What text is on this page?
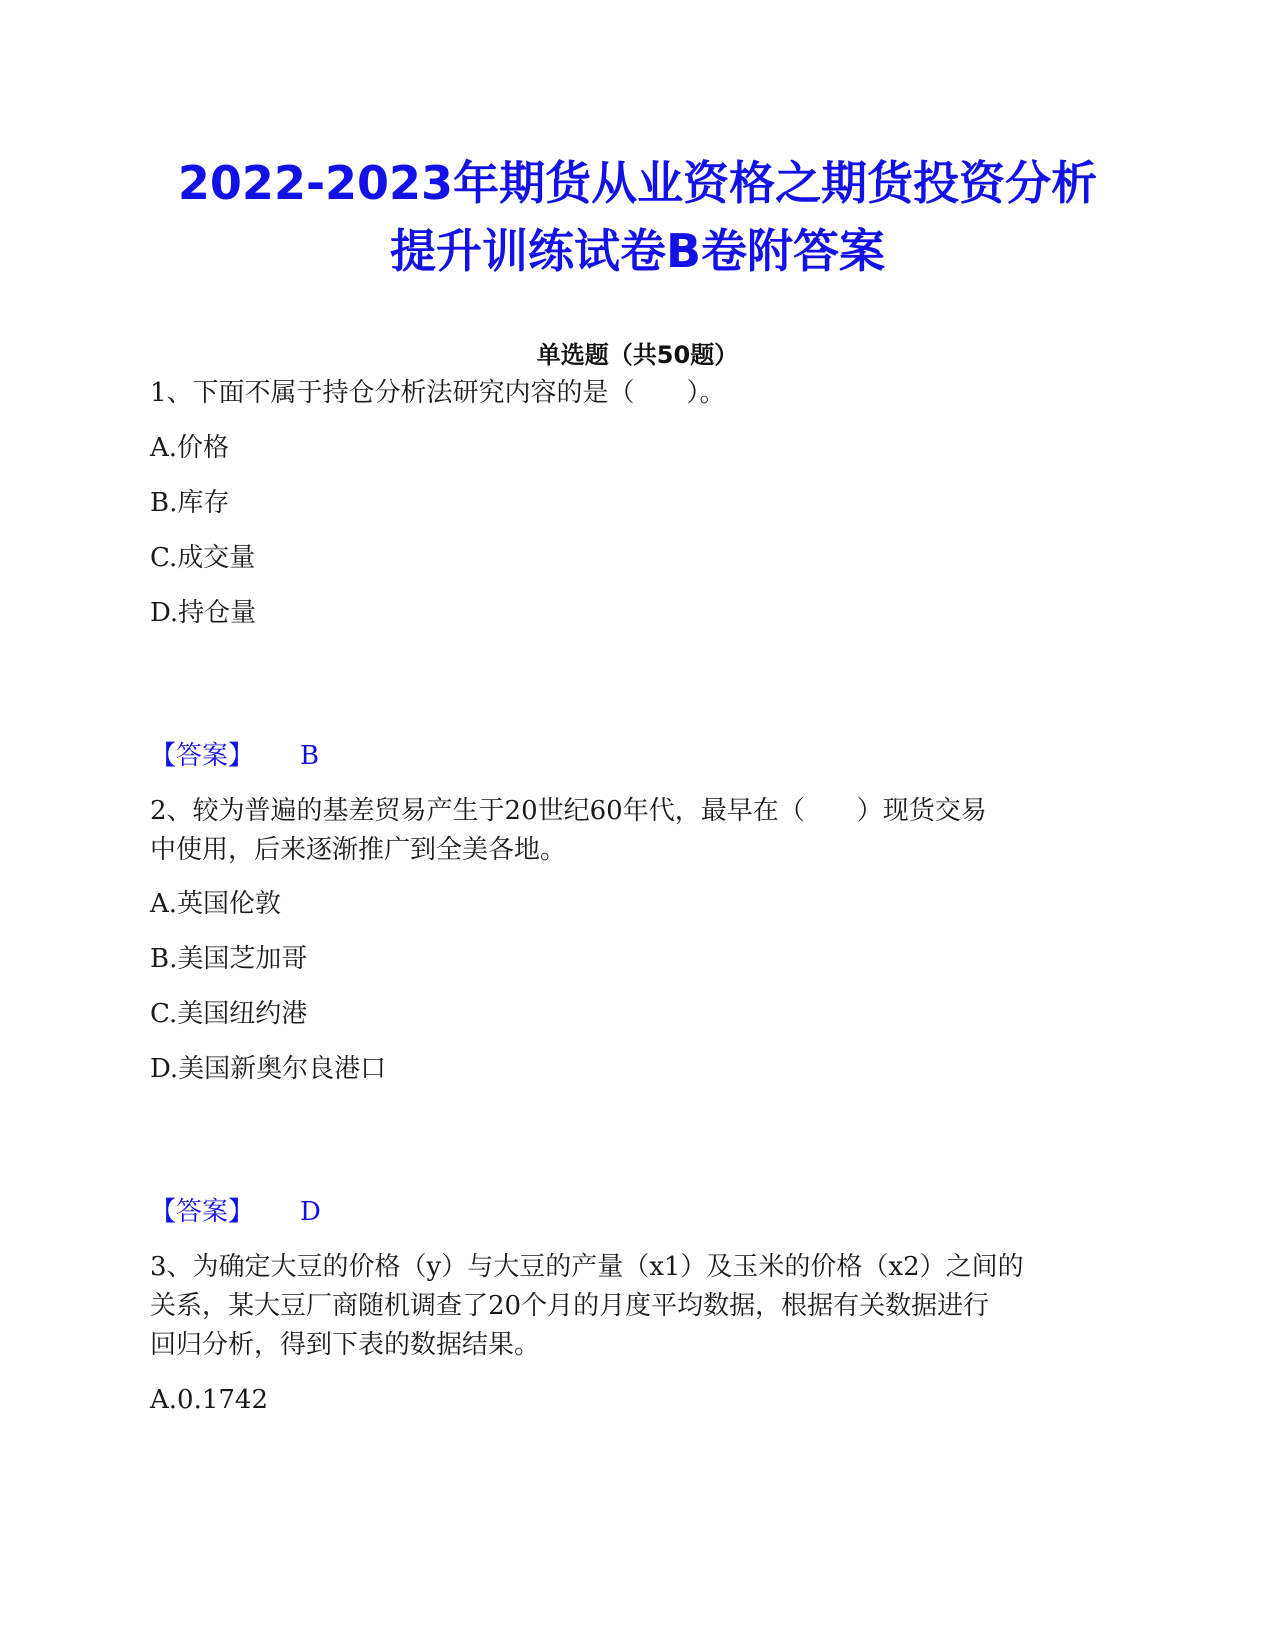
2022-2023年期货从业资格之期货投资分析
提升训练试卷B卷附答案
单选题（共50题）
1、下面不属于持仓分析法研究内容的是（　　）。
A.价格
B.库存
C.成交量
D.持仓量
【答案】 B
2、较为普遍的基差贸易产生于20世纪60年代，最早在（　　）现货交易
中使用，后来逐渐推广到全美各地。
A.英国伦敦
B.美国芝加哥
C.美国纽约港
D.美国新奥尔良港口
【答案】 D
3、为确定大豆的价格（y）与大豆的产量（x1）及玉米的价格（x2）之间的
关系，某大豆厂商随机调查了20个月的月度平均数据，根据有关数据进行
回归分析，得到下表的数据结果。
A.0.1742
